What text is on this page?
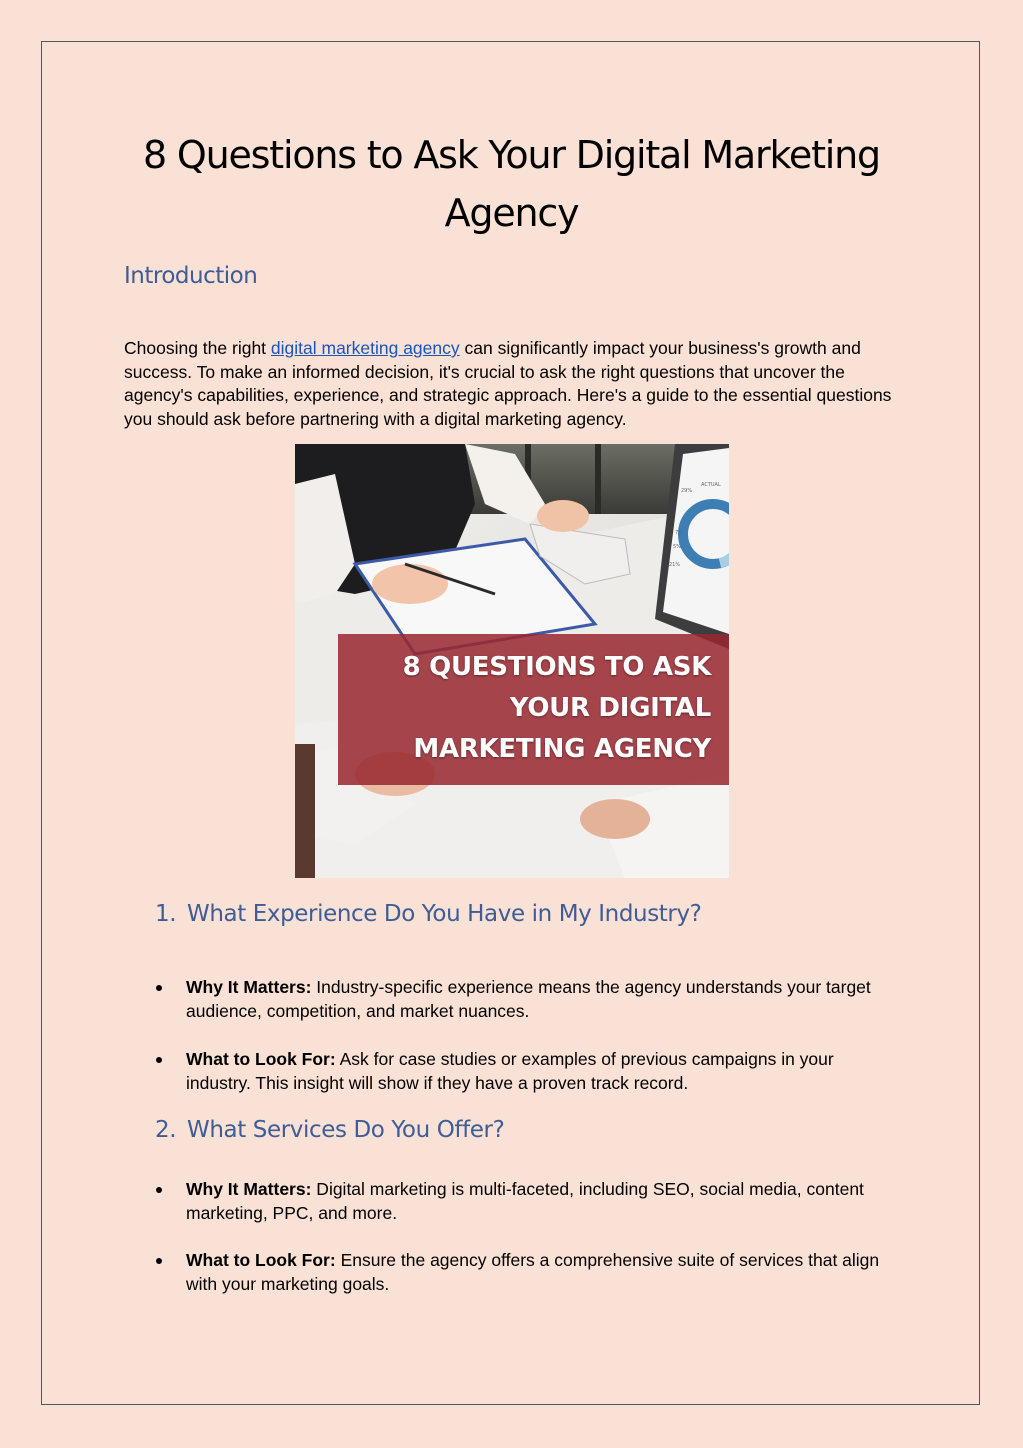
8 Questions to Ask Your Digital Marketing Agency
Introduction

Choosing the right digital marketing agency can significantly impact your business's growth and success. To make an informed decision, it's crucial to ask the right questions that uncover the agency's capabilities, experience, and strategic approach. Here's a guide to the essential questions you should ask before partnering with a digital marketing agency.

ACTUAL
29%
7%
5%
21%
8 QUESTIONS TO ASK
YOUR DIGITAL
MARKETING AGENCY
1. What Experience Do You Have in My Industry?

Why It Matters: Industry-specific experience means the agency understands your target audience, competition, and market nuances.

What to Look For: Ask for case studies or examples of previous campaigns in your industry. This insight will show if they have a proven track record.

2. What Services Do You Offer?

Why It Matters: Digital marketing is multi-faceted, including SEO, social media, content marketing, PPC, and more.

What to Look For: Ensure the agency offers a comprehensive suite of services that align with your marketing goals.
